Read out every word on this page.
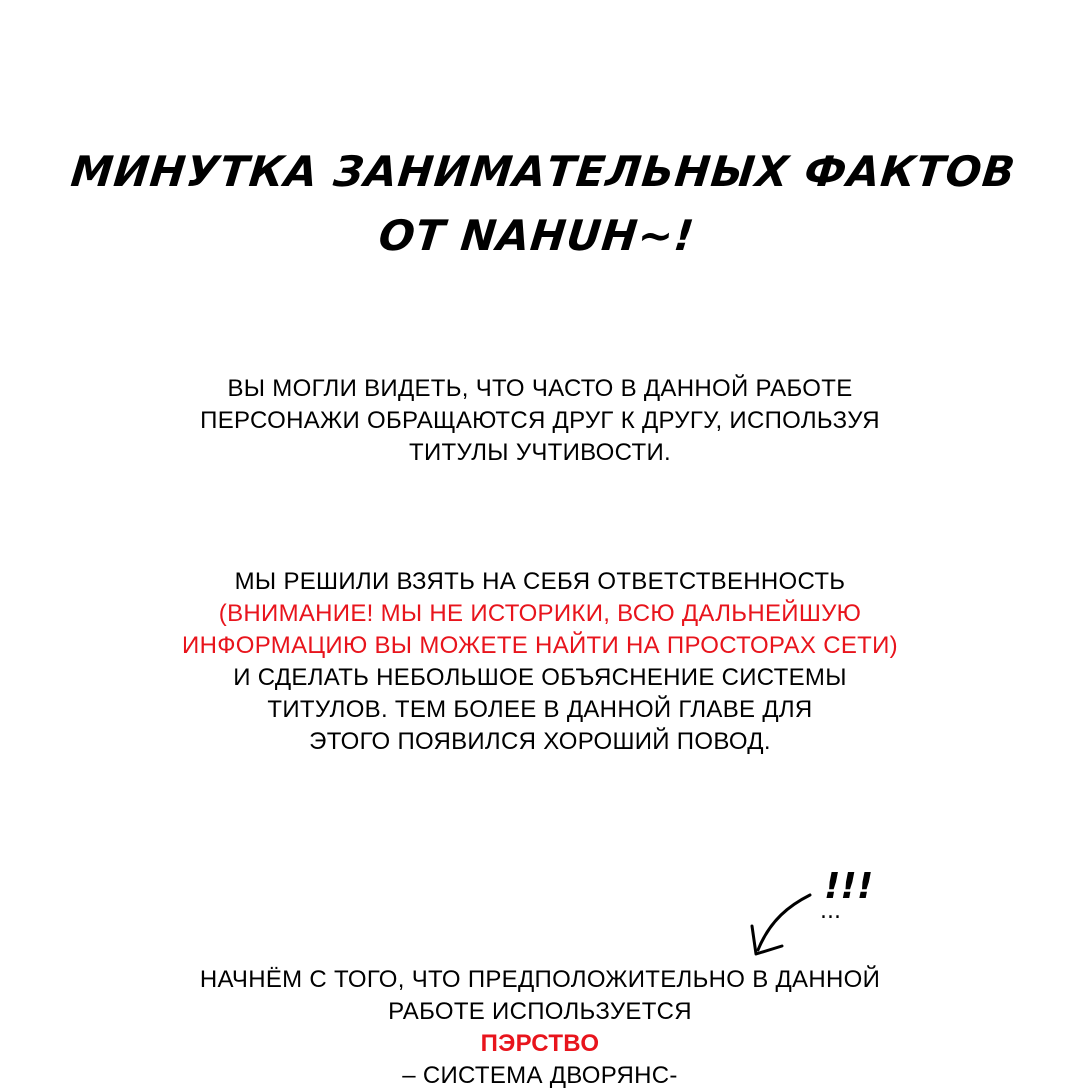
МИНУТКА ЗАНИМАТЕЛЬНЫХ ФАКТОВ
ОТ NAHUH~!
ВЫ МОГЛИ ВИДЕТЬ, ЧТО ЧАСТО В ДАННОЙ РАБОТЕ
ПЕРСОНАЖИ ОБРАЩАЮТСЯ ДРУГ К ДРУГУ, ИСПОЛЬЗУЯ
ТИТУЛЫ УЧТИВОСТИ.
МЫ РЕШИЛИ ВЗЯТЬ НА СЕБЯ ОТВЕТСТВЕННОСТЬ
(ВНИМАНИЕ! МЫ НЕ ИСТОРИКИ, ВСЮ ДАЛЬНЕЙШУЮ
ИНФОРМАЦИЮ ВЫ МОЖЕТЕ НАЙТИ НА ПРОСТОРАХ СЕТИ)
И СДЕЛАТЬ НЕБОЛЬШОЕ ОБЪЯСНЕНИЕ СИСТЕМЫ
ТИТУЛОВ. ТЕМ БОЛЕЕ В ДАННОЙ ГЛАВЕ ДЛЯ
ЭТОГО ПОЯВИЛСЯ ХОРОШИЙ ПОВОД.
!!!
...
НАЧНЁМ С ТОГО, ЧТО ПРЕДПОЛОЖИТЕЛЬНО В ДАННОЙ
РАБОТЕ ИСПОЛЬЗУЕТСЯ
ПЭРСТВО
– СИСТЕМА ДВОРЯНС-
